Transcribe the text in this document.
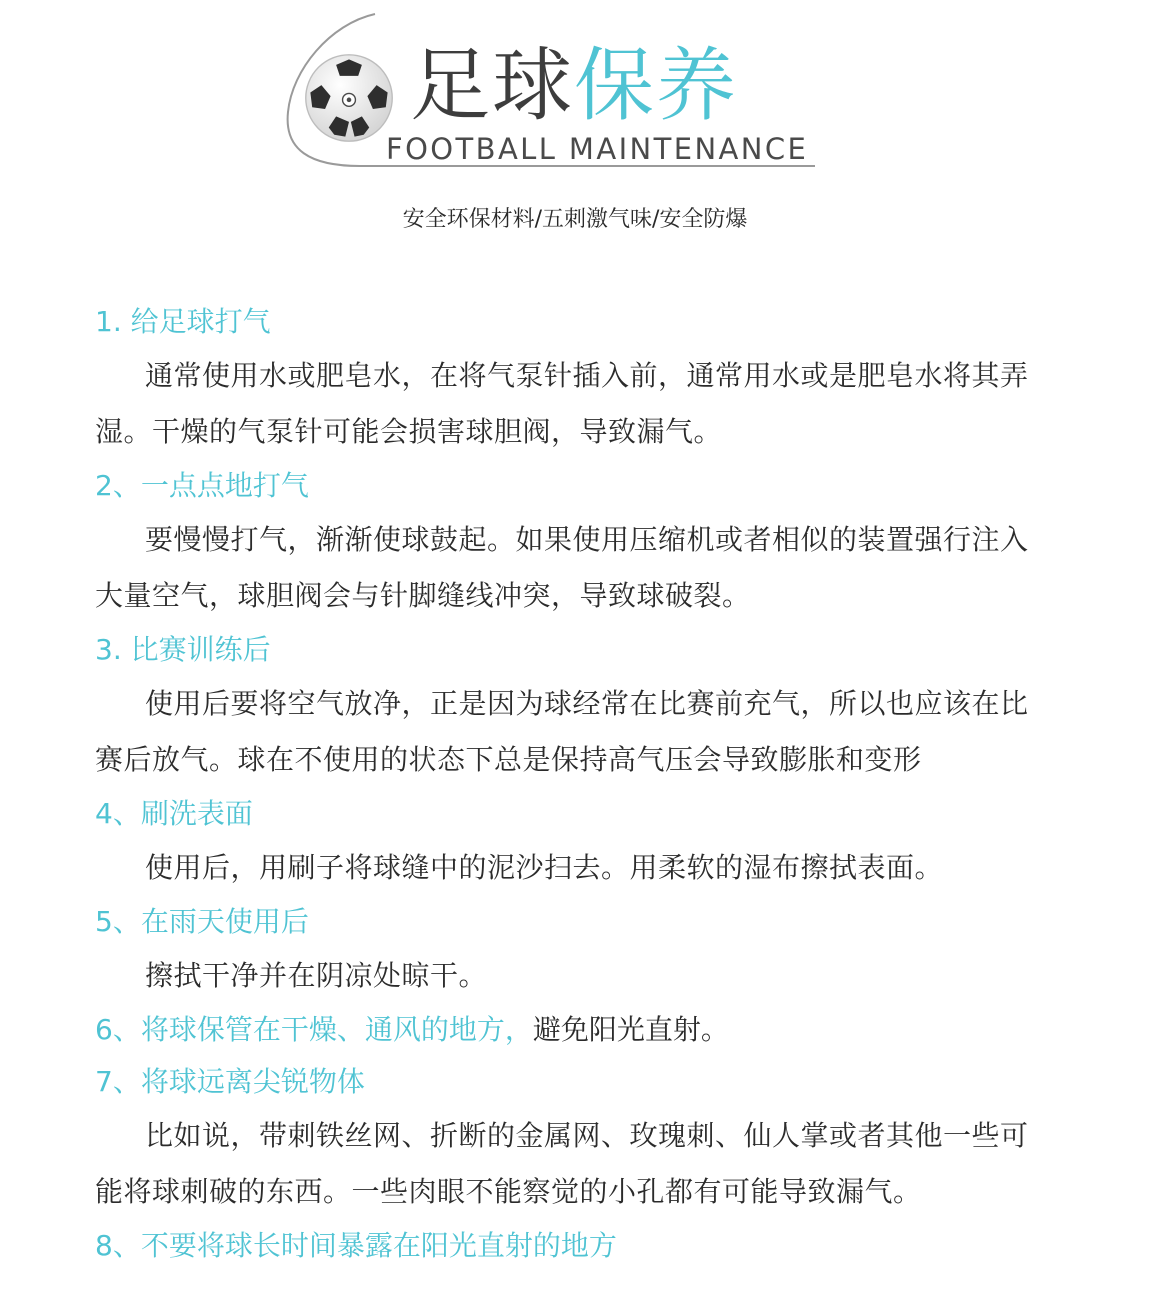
足球保养
FOOTBALL MAINTENANCE
安全环保材料/五刺激气味/安全防爆
1. 给足球打气
通常使用水或肥皂水，在将气泵针插入前，通常用水或是肥皂水将其弄湿。干燥的气泵针可能会损害球胆阀，导致漏气。
2、一点点地打气
要慢慢打气，渐渐使球鼓起。如果使用压缩机或者相似的装置强行注入大量空气，球胆阀会与针脚缝线冲突，导致球破裂。
3. 比赛训练后
使用后要将空气放净，正是因为球经常在比赛前充气，所以也应该在比赛后放气。球在不使用的状态下总是保持高气压会导致膨胀和变形
4、刷洗表面
使用后，用刷子将球缝中的泥沙扫去。用柔软的湿布擦拭表面。
5、在雨天使用后
擦拭干净并在阴凉处晾干。
6、将球保管在干燥、通风的地方，避免阳光直射。
7、将球远离尖锐物体
比如说，带刺铁丝网、折断的金属网、玫瑰刺、仙人掌或者其他一些可能将球刺破的东西。一些肉眼不能察觉的小孔都有可能导致漏气。
8、不要将球长时间暴露在阳光直射的地方
